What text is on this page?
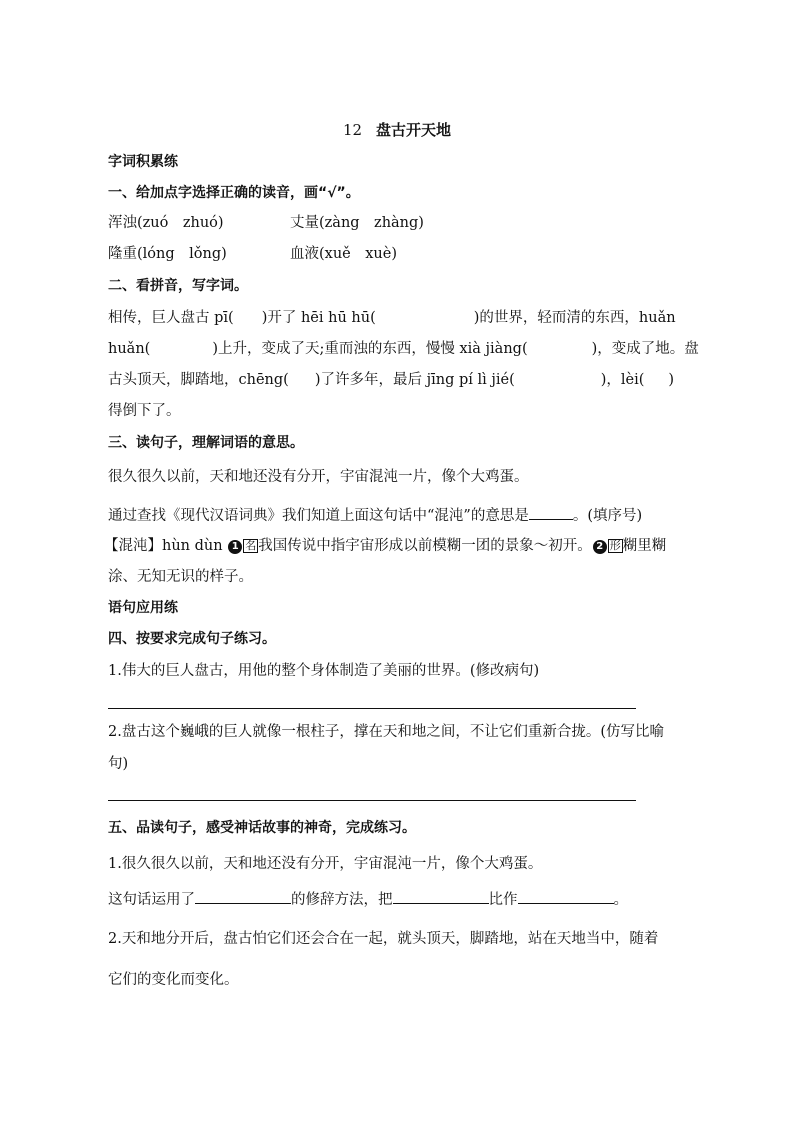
12 盘古开天地
字词积累练
一、给加点字选择正确的读音，画“√”。
浑浊(zuó　zhuó)	丈量(zàng　zhàng)
隆重(lóng　lǒng)	血液(xuě　xuè)
二、看拼音，写字词。
相传，巨人盘古 pī( )开了 hēi hū hū(	)的世界，轻而清的东西，huǎn
huǎn(	)上升，变成了天;重而浊的东西，慢慢 xià jiàng(	)，变成了地。盘
古头顶天，脚踏地，chēng( )了许多年，最后 jīng pí lì jié(	)，lèi( )
得倒下了。
三、读句子，理解词语的意思。
很久很久以前，天和地还没有分开，宇宙混沌一片，像个大鸡蛋。
通过查找《现代汉语词典》我们知道上面这句话中“混沌”的意思是	。(填序号)
【混沌】hùn dùn 1 名 我国传说中指宇宙形成以前模糊一团的景象～初开。 2 形 糊里糊
涂、无知无识的样子。
语句应用练
四、按要求完成句子练习。
1.伟大的巨人盘古，用他的整个身体制造了美丽的世界。(修改病句)
2.盘古这个巍峨的巨人就像一根柱子，撑在天和地之间，不让它们重新合拢。(仿写比喻
句)
五、品读句子，感受神话故事的神奇，完成练习。
1.很久很久以前，天和地还没有分开，宇宙混沌一片，像个大鸡蛋。
这句话运用了	的修辞方法，把	比作	。
2.天和地分开后，盘古怕它们还会合在一起，就头顶天，脚踏地，站在天地当中，随着
它们的变化而变化。
